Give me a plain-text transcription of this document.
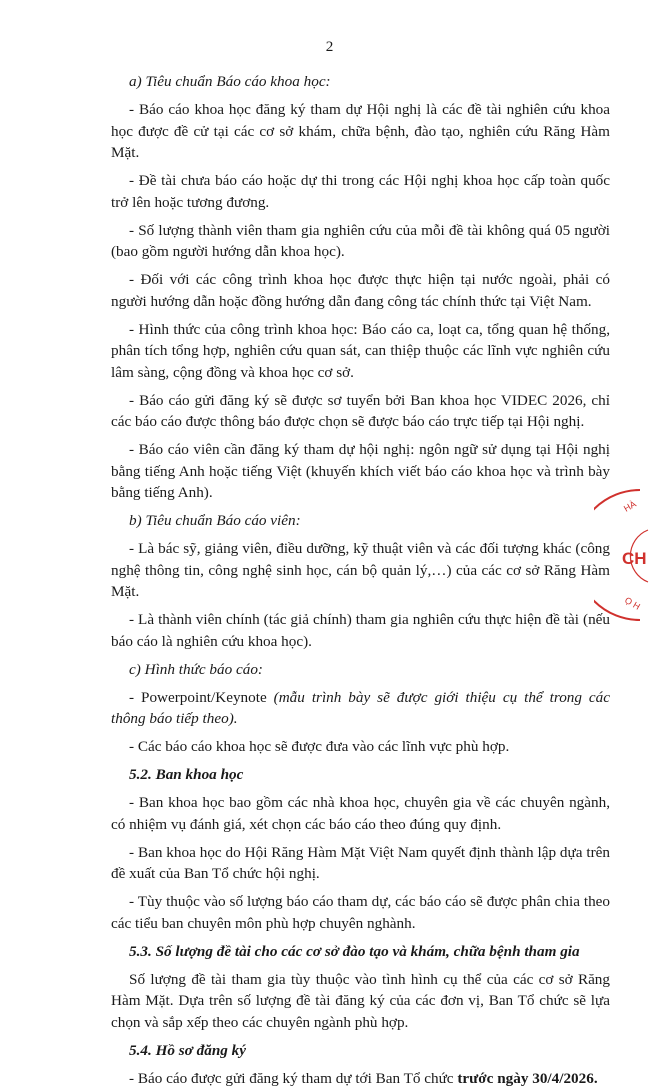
2

a) Tiêu chuẩn Báo cáo khoa học:

- Báo cáo khoa học đăng ký tham dự Hội nghị là các đề tài nghiên cứu khoa học được đề cử tại các cơ sở khám, chữa bệnh, đào tạo, nghiên cứu Răng Hàm Mặt.

- Đề tài chưa báo cáo hoặc dự thi trong các Hội nghị khoa học cấp toàn quốc trở lên hoặc tương đương.

- Số lượng thành viên tham gia nghiên cứu của mỗi đề tài không quá 05 người (bao gồm người hướng dẫn khoa học).

- Đối với các công trình khoa học được thực hiện tại nước ngoài, phải có người hướng dẫn hoặc đồng hướng dẫn đang công tác chính thức tại Việt Nam.

- Hình thức của công trình khoa học: Báo cáo ca, loạt ca, tổng quan hệ thống, phân tích tổng hợp, nghiên cứu quan sát, can thiệp thuộc các lĩnh vực nghiên cứu lâm sàng, cộng đồng và khoa học cơ sở.

- Báo cáo gửi đăng ký sẽ được sơ tuyển bởi Ban khoa học VIDEC 2026, chỉ các báo cáo được thông báo được chọn sẽ được báo cáo trực tiếp tại Hội nghị.

- Báo cáo viên cần đăng ký tham dự hội nghị: ngôn ngữ sử dụng tại Hội nghị bằng tiếng Anh hoặc tiếng Việt (khuyến khích viết báo cáo khoa học và trình bày bằng tiếng Anh).

b) Tiêu chuẩn Báo cáo viên:

- Là bác sỹ, giảng viên, điều dưỡng, kỹ thuật viên và các đối tượng khác (công nghệ thông tin, công nghệ sinh học, cán bộ quản lý,…) của các cơ sở Răng Hàm Mặt.

- Là thành viên chính (tác giả chính) tham gia nghiên cứu thực hiện đề tài (nếu báo cáo là nghiên cứu khoa học).

c) Hình thức báo cáo:

- Powerpoint/Keynote (mẫu trình bày sẽ được giới thiệu cụ thể trong các thông báo tiếp theo).

- Các báo cáo khoa học sẽ được đưa vào các lĩnh vực phù hợp.

5.2. Ban khoa học

- Ban khoa học bao gồm các nhà khoa học, chuyên gia về các chuyên ngành, có nhiệm vụ đánh giá, xét chọn các báo cáo theo đúng quy định.

- Ban khoa học do Hội Răng Hàm Mặt Việt Nam quyết định thành lập dựa trên đề xuất của Ban Tổ chức hội nghị.

- Tùy thuộc vào số lượng báo cáo tham dự, các báo cáo sẽ được phân chia theo các tiểu ban chuyên môn phù hợp chuyên nghành.

5.3. Số lượng đề tài cho các cơ sở đào tạo và khám, chữa bệnh tham gia

Số lượng đề tài tham gia tùy thuộc vào tình hình cụ thể của các cơ sở Răng Hàm Mặt. Dựa trên số lượng đề tài đăng ký của các đơn vị, Ban Tổ chức sẽ lựa chọn và sắp xếp theo các chuyên ngành phù hợp.

5.4. Hồ sơ đăng ký

- Báo cáo được gửi đăng ký tham dự tới Ban Tổ chức trước ngày 30/4/2026.

CH
HÀ
Ọ H
